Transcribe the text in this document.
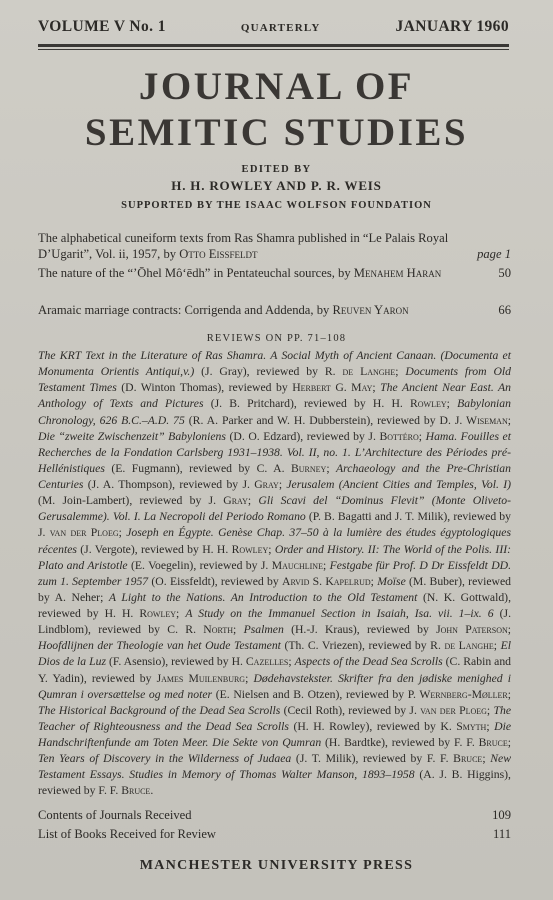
VOLUME V No. 1	QUARTERLY	JANUARY 1960
JOURNAL OF
SEMITIC STUDIES
EDITED BY
H. H. ROWLEY AND P. R. WEIS
SUPPORTED BY THE ISAAC WOLFSON FOUNDATION
The alphabetical cuneiform texts from Ras Shamra published in “Le Palais Royal D’Ugarit”, Vol. ii, 1957, by Otto Eissfeldt	page 1
The nature of the “’Ōhel Mô‘ēdh” in Pentateuchal sources, by Menahem Haran	50
Aramaic marriage contracts: Corrigenda and Addenda, by Reuven Yaron	66
REVIEWS ON PP. 71–108
The KRT Text in the Literature of Ras Shamra. A Social Myth of Ancient Canaan. (Documenta et Monumenta Orientis Antiqui,v.) (J. Gray), reviewed by R. de Langhe; Documents from Old Testament Times (D. Winton Thomas), reviewed by Herbert G. May; The Ancient Near East. An Anthology of Texts and Pictures (J. B. Pritchard), reviewed by H. H. Rowley; Babylonian Chronology, 626 B.C.–A.D. 75 (R. A. Parker and W. H. Dubberstein), reviewed by D. J. Wiseman; Die “zweite Zwischenzeit” Babyloniens (D. O. Edzard), reviewed by J. Bottéro; Hama. Fouilles et Recherches de la Fondation Carlsberg 1931–1938. Vol. II, no. 1. L’Architecture des Périodes pré-Hellénistiques (E. Fugmann), reviewed by C. A. Burney; Archaeology and the Pre-Christian Centuries (J. A. Thompson), reviewed by J. Gray; Jerusalem (Ancient Cities and Temples, Vol. I) (M. Join-Lambert), reviewed by J. Gray; Gli Scavi del “Dominus Flevit” (Monte Oliveto-Gerusalemme). Vol. I. La Necropoli del Periodo Romano (P. B. Bagatti and J. T. Milik), reviewed by J. van der Ploeg; Joseph en Égypte. Genèse Chap. 37–50 à la lumière des études égyptologiques récentes (J. Vergote), reviewed by H. H. Rowley; Order and History. II: The World of the Polis. III: Plato and Aristotle (E. Voegelin), reviewed by J. Mauchline; Festgabe für Prof. D Dr Eissfeldt DD. zum 1. September 1957 (O. Eissfeldt), reviewed by Arvid S. Kapelrud; Moïse (M. Buber), reviewed by A. Neher; A Light to the Nations. An Introduction to the Old Testament (N. K. Gottwald), reviewed by H. H. Rowley; A Study on the Immanuel Section in Isaiah, Isa. vii. 1–ix. 6 (J. Lindblom), reviewed by C. R. North; Psalmen (H.-J. Kraus), reviewed by John Paterson; Hoofdlijnen der Theologie van het Oude Testament (Th. C. Vriezen), reviewed by R. de Langhe; El Dios de la Luz (F. Asensio), reviewed by H. Cazelles; Aspects of the Dead Sea Scrolls (C. Rabin and Y. Yadin), reviewed by James Muilenburg; Dødehavstekster. Skrifter fra den jødiske menighed i Qumran i oversættelse og med noter (E. Nielsen and B. Otzen), reviewed by P. Wernberg-Møller; The Historical Background of the Dead Sea Scrolls (Cecil Roth), reviewed by J. van der Ploeg; The Teacher of Righteousness and the Dead Sea Scrolls (H. H. Rowley), reviewed by K. Smyth; Die Handschriftenfunde am Toten Meer. Die Sekte von Qumran (H. Bardtke), reviewed by F. F. Bruce; Ten Years of Discovery in the Wilderness of Judaea (J. T. Milik), reviewed by F. F. Bruce; New Testament Essays. Studies in Memory of Thomas Walter Manson, 1893–1958 (A. J. B. Higgins), reviewed by F. F. Bruce.
Contents of Journals Received	109
List of Books Received for Review	111
MANCHESTER UNIVERSITY PRESS
